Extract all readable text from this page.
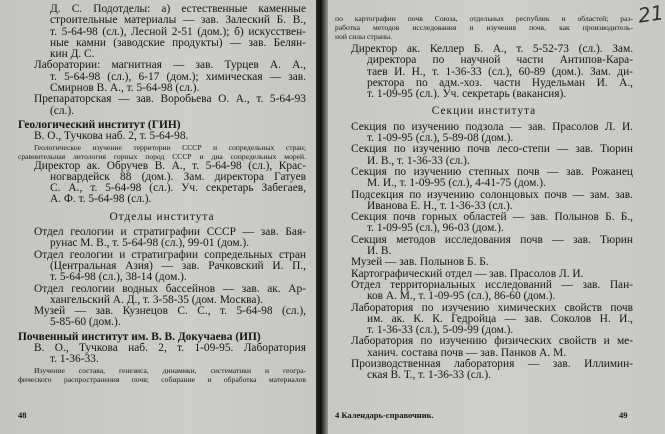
Д. С. Подотделы: а) естественные каменные
строительные материалы — зав. Залеский Б. В.,
т. 5-64-98 (сл.), Лесной 2-51 (дом.); б) искусствен-
ные камни (заводские продукты) — зав. Белян-
кин Д. С.
Лаборатории: магнитная — зав. Турцев А. А.,
т. 5-64-98 (сл.), 6-17 (дом.); химическая — зав.
Смирнов В. А., т. 5-64-98 (сл.).
Препараторская — зав. Воробьева О. А., т. 5-64-93
(сл.).
Геологический институт (ГИН)
В. О., Тучкова наб. 2, т. 5-64-98.
Геологическое изучение территории СССР и сопредельных стран;
сравнительная литология горных пород СССР и дна сопредельных морей.
Директор ак. Обручев В. А., т. 5-64-98 (сл.), Крас-
ногвардейск 88 (дом.). Зам. директора Гатуев
С. А., т. 5-64-98 (сл.). Уч. секретарь Забегаев,
А. Ф. т. 5-64-98 (сл.).
Отделы института
Отдел геологии и стратиграфии СССР — зав. Бая-
рунас М. В., т. 5-64-98 (сл.), 99-01 (дом.).
Отдел геологии и стратиграфии сопредельных стран
(Центральная Азия) — зав. Рачковский И. П.,
т. 5-64-98 (сл.), 38-14 (дом.).
Отдел геологии водных бассейнов — зав. ак. Ар-
хангельский А. Д., т. 3-58-35 (дом. Москва).
Музей — зав. Кузнецов С. С., т. 5-64-98 (сл.),
5-85-60 (дом.).
Почвенный институт им. В. В. Докучаева (ИП)
В. О., Тучкова наб. 2, т. 1-09-95. Лаборатория
т. 1-36-33.
Изучение состава, генезиса, динамики, систематики и геогра-
фического распространения почв; собирание и обработка материалов
48
21
по картографии почв Союза, отдельных республик и областей; раз-
работка методов исследования и изучения почв, как производитель-
ной силы страны.
Директор ак. Келлер Б. А., т. 5-52-73 (сл.). Зам.
директора по научной части Антипов-Кара-
таев И. Н., т. 1-36-33 (сл.), 60-89 (дом.). Зам. ди-
ректора по адм.-хоз. части Нудельман И. А.,
т. 1-09-95 (сл.). Уч. секретарь (вакансия).
Секции института
Секция по изучению подзола — зав. Прасолов Л. И.
т. 1-09-95 (сл.), 5-89-08 (дом.).
Секция по изучению почв лесо-степи — зав. Тюрин
И. В., т. 1-36-33 (сл.).
Секция по изучению степных почв — зав. Рожанец
М. И., т. 1-09-95 (сл.), 4-41-75 (дом.).
Подсекция по изучению солонцовых почв — зам. зав.
Иванова Е. Н., т. 1-36-33 (сл.).
Секция почв горных областей — зав. Полынов Б. Б.,
т. 1-09-95 (сл.), 96-03 (дом.).
Секция методов исследования почв — зав. Тюрин
И. В.
Музей — зав. Полынов Б. Б.
Картографический отдел — зав. Прасолов Л. И.
Отдел территориальных исследований — зав. Пан-
ков А. М., т. 1-09-95 (сл.), 86-60 (дом.).
Лаборатория по изучению химических свойств почв
им. ак. К. К. Гедройца — зав. Соколов Н. И.,
т. 1-36-33 (сл.), 5-09-99 (дом.).
Лаборатория по изучению физических свойств и ме-
ханич. состава почв — зав. Панков А. М.
Производственная лаборатория — зав. Иллимин-
ская В. Т., т. 1-36-33 (сл.).
4 Календарь-справочник.	49
